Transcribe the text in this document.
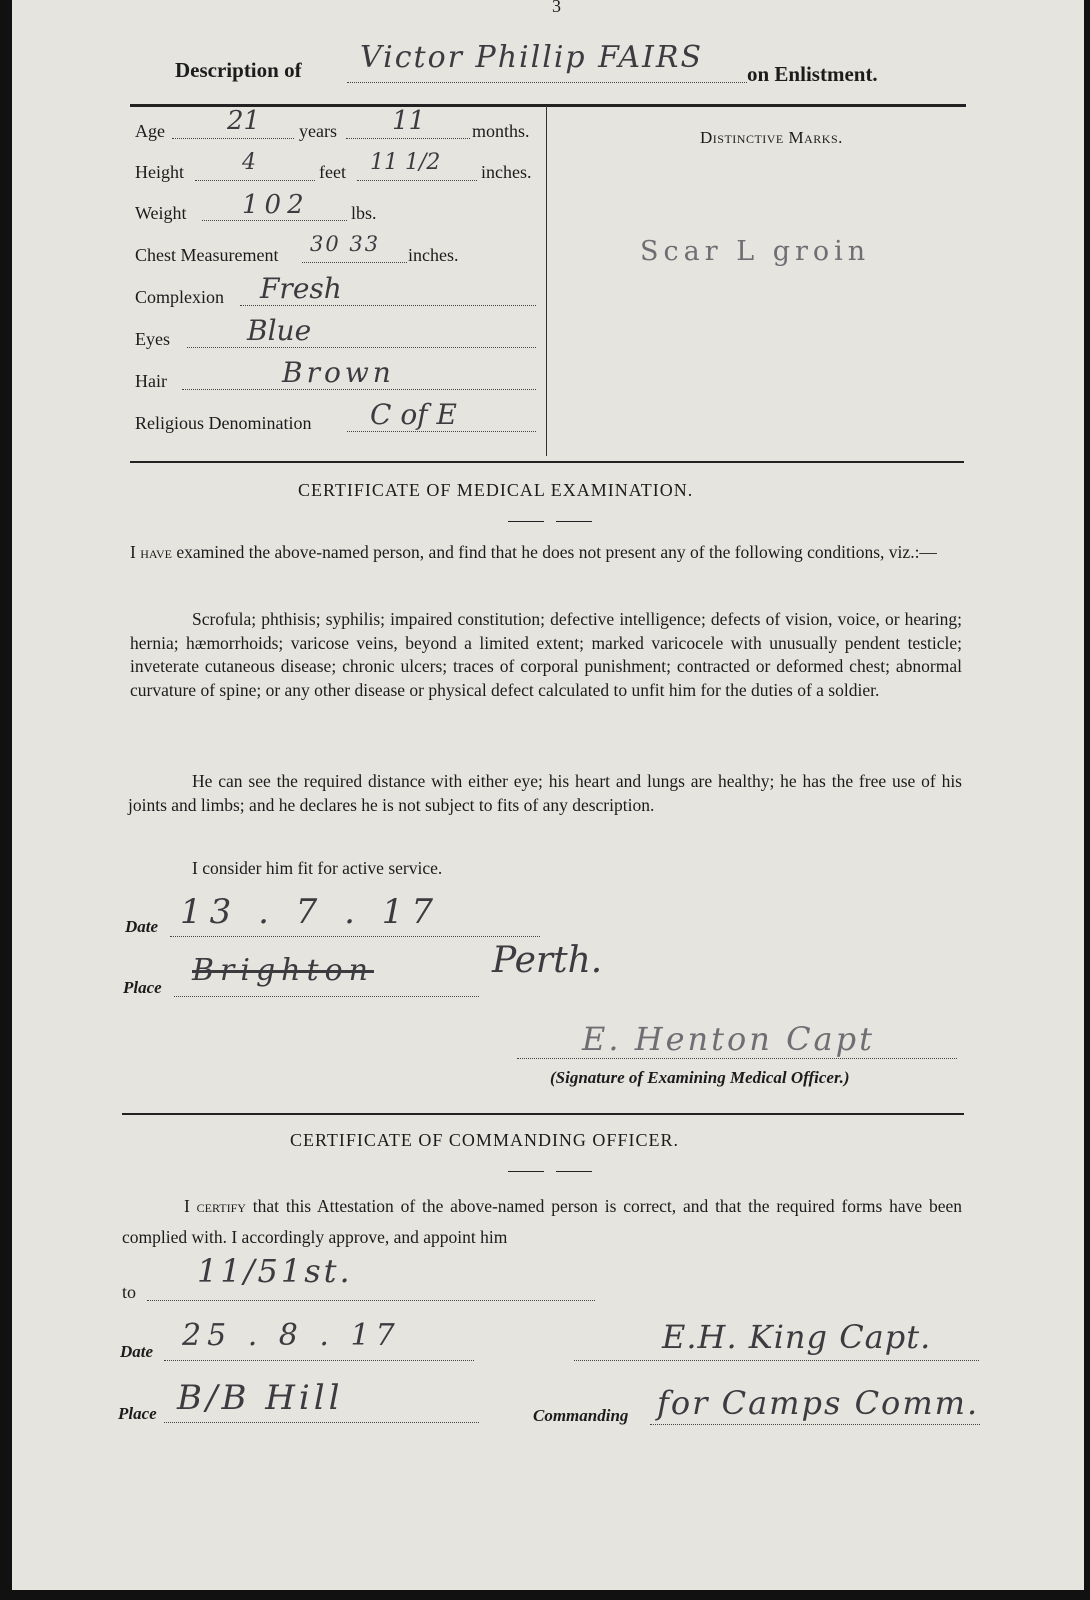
3
Description of Victor Phillip FAIRS on Enlistment.
Age 21 years 11	months.
Height	4	feet 11 1/2 inches.
Weight 102 lbs.
Chest Measurement 30 33 inches.
Complexion Fresh
Eyes	Blue
Hair	Brown
Religious Denomination C of E
Distinctive Marks.
Scar L groin
CERTIFICATE OF MEDICAL EXAMINATION.
I have examined the above-named person, and find that he does not present any of the following conditions, viz.:—
Scrofula; phthisis; syphilis; impaired constitution; defective intelligence; defects of vision, voice, or hearing; hernia; hæmorrhoids; varicose veins, beyond a limited extent; marked varicocele with unusually pendent testicle; inveterate cutaneous disease; chronic ulcers; traces of corporal punishment; contracted or deformed chest; abnormal curvature of spine; or any other disease or physical defect calculated to unfit him for the duties of a soldier.
He can see the required distance with either eye; his heart and lungs are healthy; he has the free use of his joints and limbs; and he declares he is not subject to fits of any description.
I consider him fit for active service.
Date 13 . 7 . 17
Place Brighton	Perth.
E. Henton Capt
(Signature of Examining Medical Officer.)
CERTIFICATE OF COMMANDING OFFICER.
I certify that this Attestation of the above-named person is correct, and that the required forms have been complied with. I accordingly approve, and appoint him
to
11/51st.
Date 25 . 8 . 17	E.H. King Capt.
Place B/B Hill	Commanding for Camps Comm.
